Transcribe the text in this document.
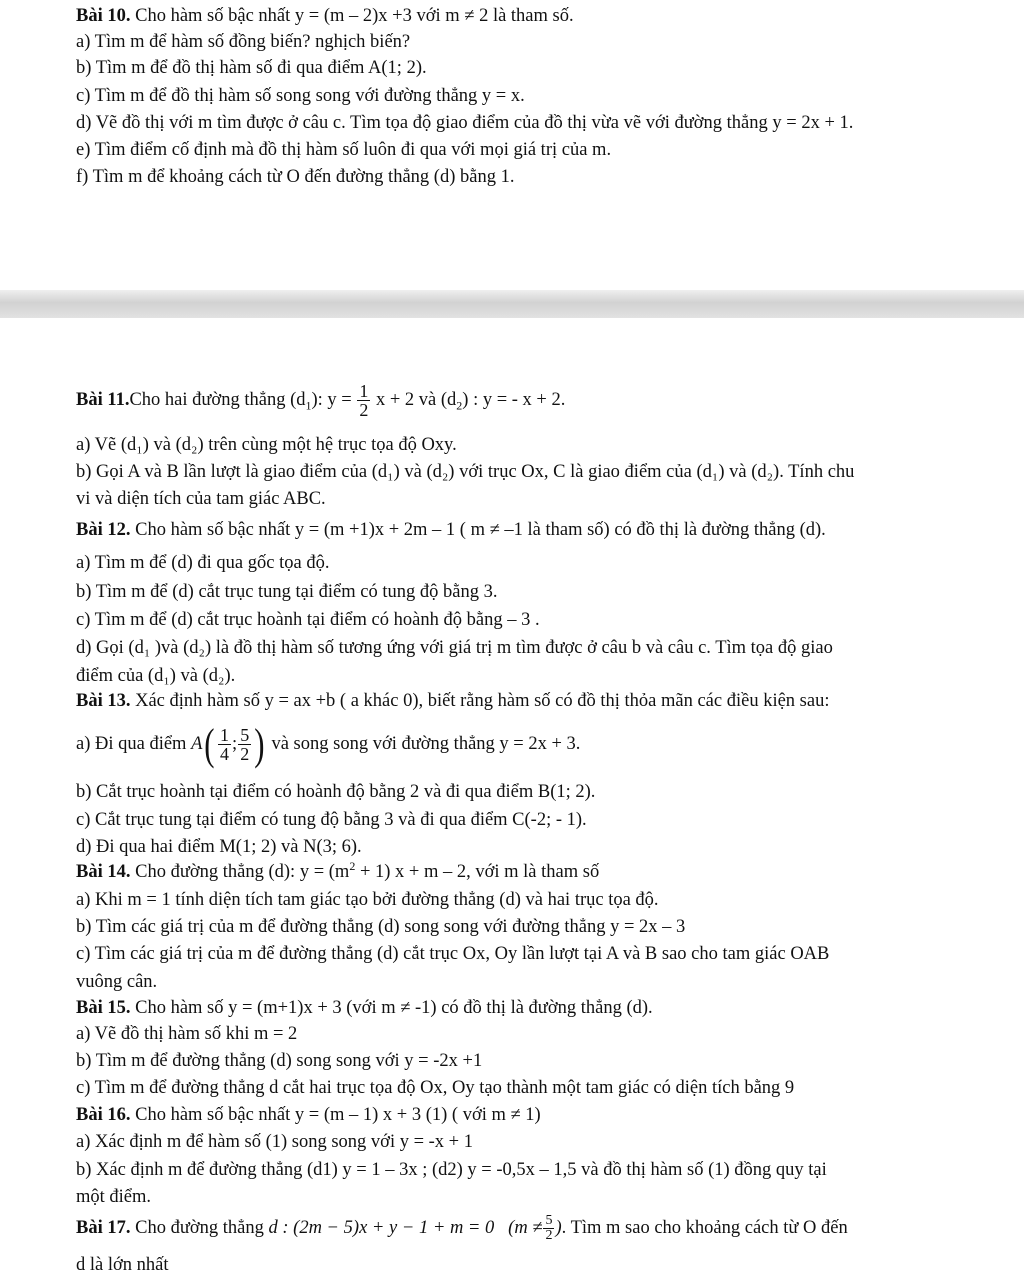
Bài 10. Cho hàm số bậc nhất y = (m – 2)x +3 với m ≠ 2 là tham số.
a) Tìm m để hàm số đồng biến? nghịch biến?
b) Tìm m để đồ thị hàm số đi qua điểm A(1; 2).
c) Tìm m để đồ thị hàm số song song với đường thẳng y = x.
d) Vẽ đồ thị với m tìm được ở câu c. Tìm tọa độ giao điểm của đồ thị vừa vẽ với đường thẳng y = 2x + 1.
e) Tìm điểm cố định mà đồ thị hàm số luôn đi qua với mọi giá trị của m.
f) Tìm m để khoảng cách từ O đến đường thẳng (d) bằng 1.
Bài 11.Cho hai đường thẳng $(d_1)$: $y = \frac{1}{2}$ x + 2 và $(d_2)$ : y = - x + 2.
a) Vẽ (d₁) và (d₂) trên cùng một hệ trục tọa độ Oxy.
b) Gọi A và B lần lượt là giao điểm của (d₁) và (d₂) với trục Ox, C là giao điểm của (d₁) và (d₂). Tính chu
vi và diện tích của tam giác ABC.
Bài 12. Cho hàm số bậc nhất y = (m +1)x + 2m – 1 ( m ≠ –1 là tham số) có đồ thị là đường thẳng (d).
a) Tìm m để (d) đi qua gốc tọa độ.
b) Tìm m để (d) cắt trục tung tại điểm có tung độ bằng 3.
c) Tìm m để (d) cắt trục hoành tại điểm có hoành độ bằng – 3 .
d) Gọi (d₁ )và (d₂) là đồ thị hàm số tương ứng với giá trị m tìm được ở câu b và câu c. Tìm tọa độ giao
điểm của (d₁) và (d₂).
Bài 13. Xác định hàm số y = ax +b ( a khác 0), biết rằng hàm số có đồ thị thỏa mãn các điều kiện sau:
a) Đi qua điểm $A( \frac{1}{4}$ ; $\frac{5}{2}$ ) và song song với đường thẳng y = 2x + 3.
b) Cắt trục hoành tại điểm có hoành độ bằng 2 và đi qua điểm B(1; 2).
c) Cắt trục tung tại điểm có tung độ bằng 3 và đi qua điểm C(-2; - 1).
d) Đi qua hai điểm M(1; 2) và N(3; 6).
Bài 14. Cho đường thẳng (d): $y = (m^2 + 1) x + m - 2$, với m là tham số
a) Khi m = 1 tính diện tích tam giác tạo bởi đường thẳng (d) và hai trục tọa độ.
b) Tìm các giá trị của m để đường thẳng (d) song song với đường thẳng y = 2x – 3
c) Tìm các giá trị của m để đường thẳng (d) cắt trục Ox, Oy lần lượt tại A và B sao cho tam giác OAB
vuông cân.
Bài 15. Cho hàm số y = (m+1)x + 3 (với m ≠ -1) có đồ thị là đường thẳng (d).
a) Vẽ đồ thị hàm số khi m = 2
b) Tìm m để đường thẳng (d) song song với y = -2x +1
c) Tìm m để đường thẳng d cắt hai trục tọa độ Ox, Oy tạo thành một tam giác có diện tích bằng 9
Bài 16. Cho hàm số bậc nhất y = (m – 1) x + 3 (1) ( với m ≠ 1)
a) Xác định m để hàm số (1) song song với y = -x + 1
b) Xác định m để đường thẳng (d1) y = 1 – 3x ; (d2) y = -0,5x – 1,5 và đồ thị hàm số (1) đồng quy tại
một điểm.
Bài 17. Cho đường thẳng d : (2m − 5)x + y − 1 + m = 0 ($m \ne \frac{5}{2}$ ). Tìm m sao cho khoảng cách từ O đến
d là lớn nhất
